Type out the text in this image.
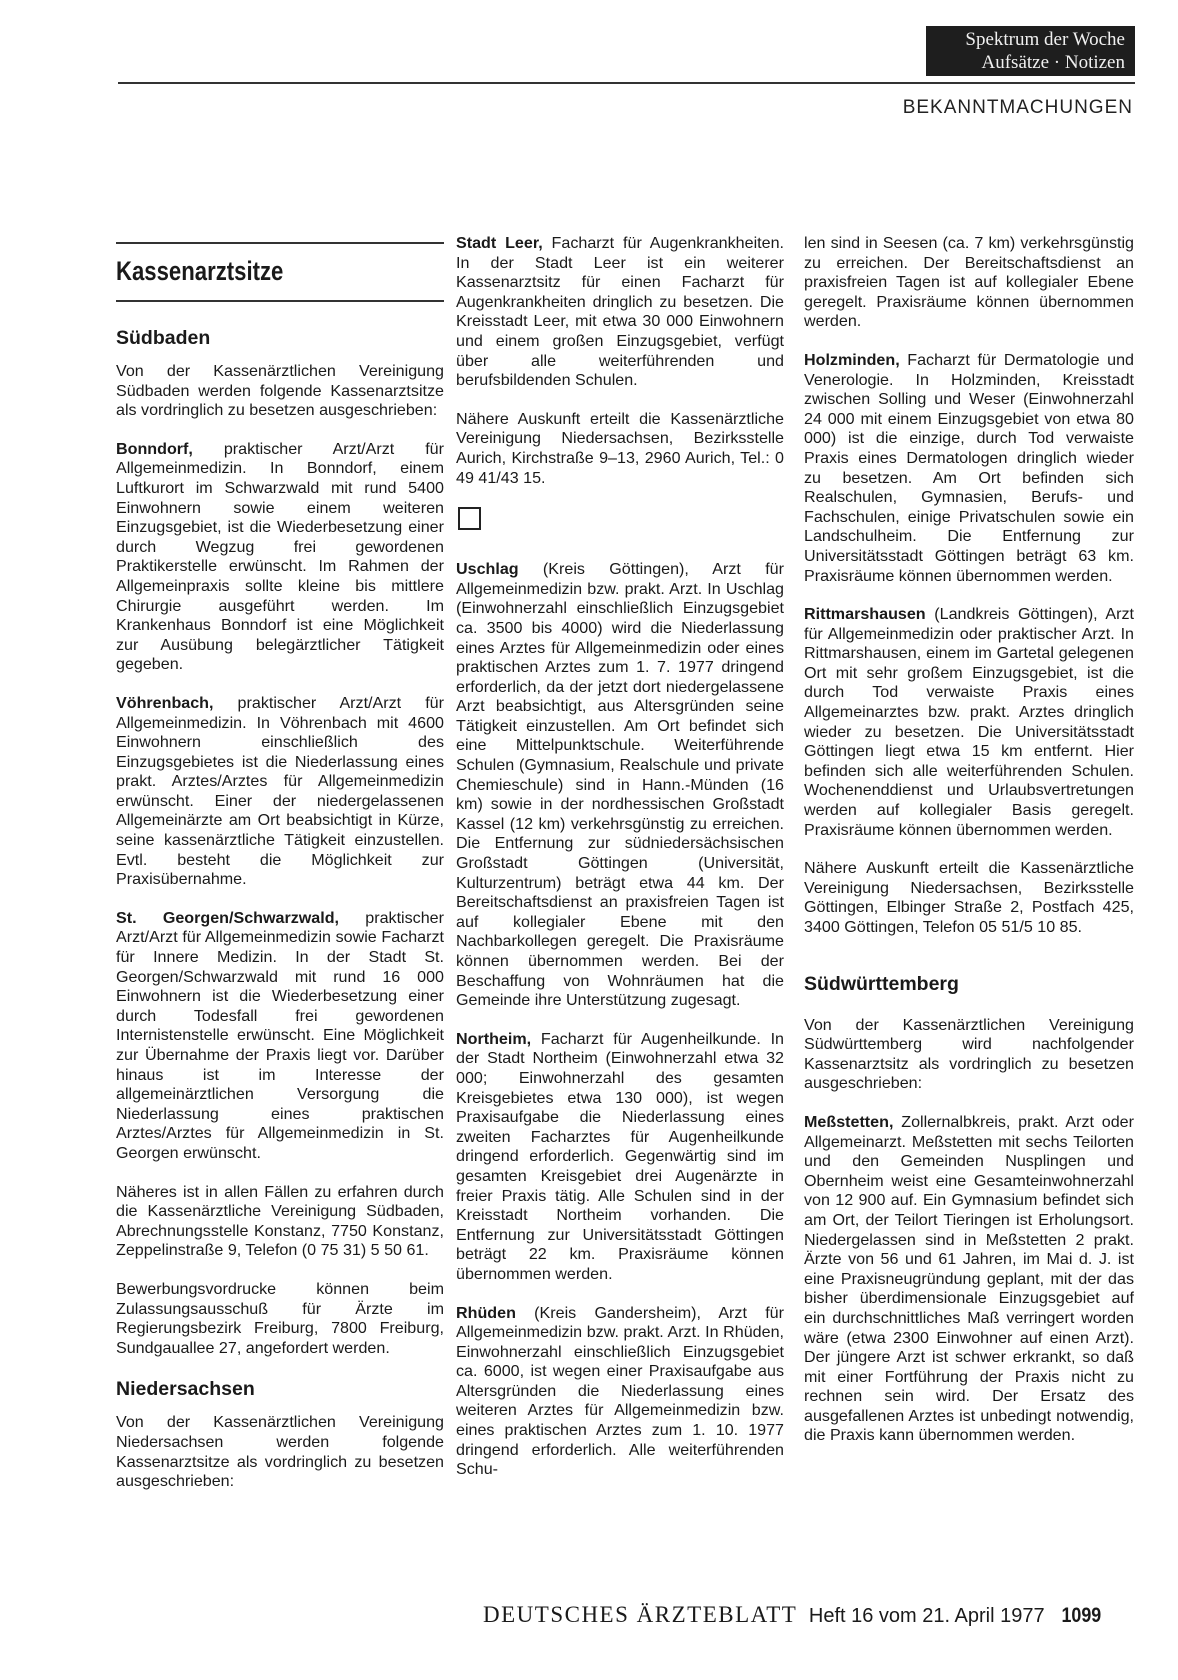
Spektrum der Woche
Aufsätze · Notizen
BEKANNTMACHUNGEN
Kassenarztsitze
Südbaden

Von der Kassenärztlichen Vereinigung Südbaden werden folgende Kassenarztsitze als vordringlich zu besetzen ausgeschrieben:

Bonndorf, praktischer Arzt/Arzt für Allgemeinmedizin. In Bonndorf, einem Luftkurort im Schwarzwald mit rund 5400 Einwohnern sowie einem weiteren Einzugsgebiet, ist die Wiederbesetzung einer durch Wegzug frei gewordenen Praktikerstelle erwünscht. Im Rahmen der Allgemeinpraxis sollte kleine bis mittlere Chirurgie ausgeführt werden. Im Krankenhaus Bonndorf ist eine Möglichkeit zur Ausübung belegärztlicher Tätigkeit gegeben.

Vöhrenbach, praktischer Arzt/Arzt für Allgemeinmedizin. In Vöhrenbach mit 4600 Einwohnern einschließlich des Einzugsgebietes ist die Niederlassung eines prakt. Arztes/Arztes für Allgemeinmedizin erwünscht. Einer der niedergelassenen Allgemeinärzte am Ort beabsichtigt in Kürze, seine kassenärztliche Tätigkeit einzustellen. Evtl. besteht die Möglichkeit zur Praxisübernahme.

St. Georgen/Schwarzwald, praktischer Arzt/Arzt für Allgemeinmedizin sowie Facharzt für Innere Medizin. In der Stadt St. Georgen/Schwarzwald mit rund 16 000 Einwohnern ist die Wiederbesetzung einer durch Todesfall frei gewordenen Internistenstelle erwünscht. Eine Möglichkeit zur Übernahme der Praxis liegt vor. Darüber hinaus ist im Interesse der allgemeinärztlichen Versorgung die Niederlassung eines praktischen Arztes/Arztes für Allgemeinmedizin in St. Georgen erwünscht.

Näheres ist in allen Fällen zu erfahren durch die Kassenärztliche Vereinigung Südbaden, Abrechnungsstelle Konstanz, 7750 Konstanz, Zeppelinstraße 9, Telefon (0 75 31) 5 50 61.

Bewerbungsvordrucke können beim Zulassungsausschuß für Ärzte im Regierungsbezirk Freiburg, 7800 Freiburg, Sundgauallee 27, angefordert werden.

Niedersachsen

Von der Kassenärztlichen Vereinigung Niedersachsen werden folgende Kassenarztsitze als vordringlich zu besetzen ausgeschrieben:

Stadt Leer, Facharzt für Augenkrankheiten. In der Stadt Leer ist ein weiterer Kassenarztsitz für einen Facharzt für Augenkrankheiten dringlich zu besetzen. Die Kreisstadt Leer, mit etwa 30 000 Einwohnern und einem großen Einzugsgebiet, verfügt über alle weiterführenden und berufsbildenden Schulen.

Nähere Auskunft erteilt die Kassenärztliche Vereinigung Niedersachsen, Bezirksstelle Aurich, Kirchstraße 9–13, 2960 Aurich, Tel.: 0 49 41/43 15.

Uschlag (Kreis Göttingen), Arzt für Allgemeinmedizin bzw. prakt. Arzt. In Uschlag (Einwohnerzahl einschließlich Einzugsgebiet ca. 3500 bis 4000) wird die Niederlassung eines Arztes für Allgemeinmedizin oder eines praktischen Arztes zum 1. 7. 1977 dringend erforderlich, da der jetzt dort niedergelassene Arzt beabsichtigt, aus Altersgründen seine Tätigkeit einzustellen. Am Ort befindet sich eine Mittelpunktschule. Weiterführende Schulen (Gymnasium, Realschule und private Chemieschule) sind in Hann.-Münden (16 km) sowie in der nordhessischen Großstadt Kassel (12 km) verkehrsgünstig zu erreichen. Die Entfernung zur südniedersächsischen Großstadt Göttingen (Universität, Kulturzentrum) beträgt etwa 44 km. Der Bereitschaftsdienst an praxisfreien Tagen ist auf kollegialer Ebene mit den Nachbarkollegen geregelt. Die Praxisräume können übernommen werden. Bei der Beschaffung von Wohnräumen hat die Gemeinde ihre Unterstützung zugesagt.

Northeim, Facharzt für Augenheilkunde. In der Stadt Northeim (Einwohnerzahl etwa 32 000; Einwohnerzahl des gesamten Kreisgebietes etwa 130 000), ist wegen Praxisaufgabe die Niederlassung eines zweiten Facharztes für Augenheilkunde dringend erforderlich. Gegenwärtig sind im gesamten Kreisgebiet drei Augenärzte in freier Praxis tätig. Alle Schulen sind in der Kreisstadt Northeim vorhanden. Die Entfernung zur Universitätsstadt Göttingen beträgt 22 km. Praxisräume können übernommen werden.

Rhüden (Kreis Gandersheim), Arzt für Allgemeinmedizin bzw. prakt. Arzt. In Rhüden, Einwohnerzahl einschließlich Einzugsgebiet ca. 6000, ist wegen einer Praxisaufgabe aus Altersgründen die Niederlassung eines weiteren Arztes für Allgemeinmedizin bzw. eines praktischen Arztes zum 1. 10. 1977 dringend erforderlich. Alle weiterführenden Schu-

len sind in Seesen (ca. 7 km) verkehrsgünstig zu erreichen. Der Bereitschaftsdienst an praxisfreien Tagen ist auf kollegialer Ebene geregelt. Praxisräume können übernommen werden.

Holzminden, Facharzt für Dermatologie und Venerologie. In Holzminden, Kreisstadt zwischen Solling und Weser (Einwohnerzahl 24 000 mit einem Einzugsgebiet von etwa 80 000) ist die einzige, durch Tod verwaiste Praxis eines Dermatologen dringlich wieder zu besetzen. Am Ort befinden sich Realschulen, Gymnasien, Berufs- und Fachschulen, einige Privatschulen sowie ein Landschulheim. Die Entfernung zur Universitätsstadt Göttingen beträgt 63 km. Praxisräume können übernommen werden.

Rittmarshausen (Landkreis Göttingen), Arzt für Allgemeinmedizin oder praktischer Arzt. In Rittmarshausen, einem im Gartetal gelegenen Ort mit sehr großem Einzugsgebiet, ist die durch Tod verwaiste Praxis eines Allgemeinarztes bzw. prakt. Arztes dringlich wieder zu besetzen. Die Universitätsstadt Göttingen liegt etwa 15 km entfernt. Hier befinden sich alle weiterführenden Schulen. Wochenenddienst und Urlaubsvertretungen werden auf kollegialer Basis geregelt. Praxisräume können übernommen werden.

Nähere Auskunft erteilt die Kassenärztliche Vereinigung Niedersachsen, Bezirksstelle Göttingen, Elbinger Straße 2, Postfach 425, 3400 Göttingen, Telefon 05 51/5 10 85.

Südwürttemberg

Von der Kassenärztlichen Vereinigung Südwürttemberg wird nachfolgender Kassenarztsitz als vordringlich zu besetzen ausgeschrieben:

Meßstetten, Zollernalbkreis, prakt. Arzt oder Allgemeinarzt. Meßstetten mit sechs Teilorten und den Gemeinden Nusplingen und Obernheim weist eine Gesamteinwohnerzahl von 12 900 auf. Ein Gymnasium befindet sich am Ort, der Teilort Tieringen ist Erholungsort. Niedergelassen sind in Meßstetten 2 prakt. Ärzte von 56 und 61 Jahren, im Mai d. J. ist eine Praxisneugründung geplant, mit der das bisher überdimensionale Einzugsgebiet auf ein durchschnittliches Maß verringert worden wäre (etwa 2300 Einwohner auf einen Arzt). Der jüngere Arzt ist schwer erkrankt, so daß mit einer Fortführung der Praxis nicht zu rechnen sein wird. Der Ersatz des ausgefallenen Arztes ist unbedingt notwendig, die Praxis kann übernommen werden.

DEUTSCHES ÄRZTEBLATT Heft 16 vom 21. April 1977 1099
